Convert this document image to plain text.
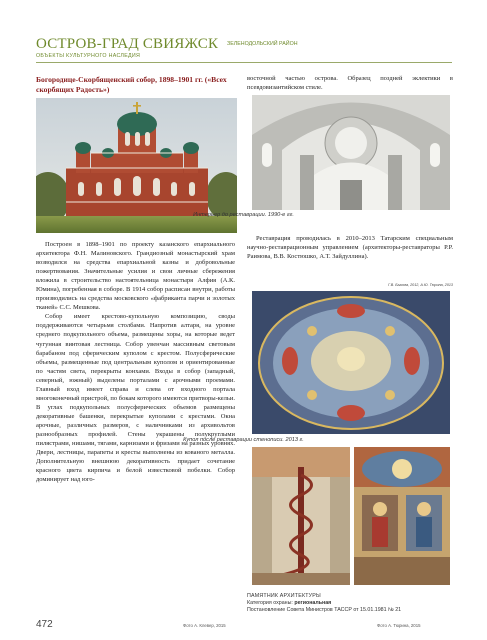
ОСТРОВ-ГРАД СВИЯЖСК ЗЕЛЕНОДОЛЬСКИЙ РАЙОН
ОБЪЕКТЫ КУЛЬТУРНОГО НАСЛЕДИЯ
Богородице-Скорбященский собор, 1898–1901 гг. («Всех скорбящих Радость»)

Построен в 1898–1901 по проекту казанского епархиального архитектора Ф.Н. Малиновского. Грандиозный монастырский храм возводился на средства епархиальной казны и добровольные пожертвования. Значительные усилия и свои личные сбережения вложила в строительство настоятельница монастыря Алфия (А.К. Юмина), погребенная в соборе. В 1914 собор расписан внутри, работы производились на средства московского «фабриканта парчи и золотых тканей» С.С. Мешкова.

Собор имеет крестово-купольную композицию, своды поддерживаются четырьмя столбами. Напротив алтаря, на уровне среднего подкупольного объема, размещены хоры, на которые ведет чугунная винтовая лестница. Собор увенчан массивным световым барабаном под сферическим куполом с крестом. Полусферические объемы, размещенные под центральным куполом и ориентированные по частям света, перекрыты конхами. Входы в собор (западный, северный, южный) выделены порталами с арочными проемами. Главный вход имеет справа и слева от входного портала многоконечный пристрой, по бокам которого имеются притворы-кельи. В углах подкупольных полусферических объемов размещены декоративные башенки, перекрытые куполами с крестами. Окна арочные, различных размеров, с наличниками из архивольтов разнообразных профилей. Стены украшены полукруглыми пилястрами, нишами, тягами, карнизами и фризами на разных уровнях. Двери, лестницы, парапеты и кресты выполнены из кованого металла. Дополнительную внешнюю декоративность придает сочетание красного цвета кирпича и белой известковой побелки. Собор доминирует над юго-

восточной частью острова. Образец поздней эклектики в псевдовизантийском стиле.

Интерьер до реставрации. 1990-е гг.

Реставрация проводилась в 2010–2013 Татарским специальным научно-реставрационным управлением (архитекторы-реставраторы Р.Р. Раимова, В.В. Костюшко, А.Т. Зайдуллина).

Г.В. Быкова, 2012, А.Ю. Тюрина, 2013
Купол после реставрации стенописи. 2013 г.
ПАМЯТНИК АРХИТЕКТУРЫ
Категория охраны: региональная
Постановление Совета Министров ТАССР от 15.01.1981 № 21
472	Фото А. Клевер, 2015	Фото А. Тюрина, 2015
